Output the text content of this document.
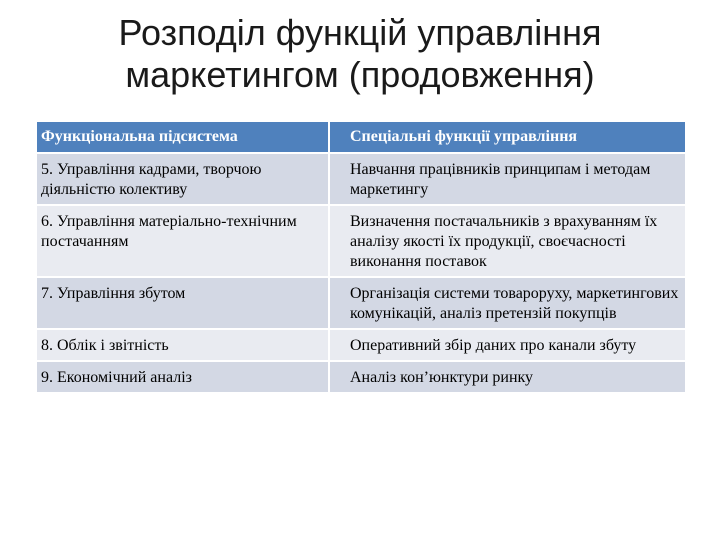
Розподіл функцій управління
маркетингом (продовження)
Функціональна підсистема	Спеціальні функції управління
5. Управління кадрами, творчою діяльністю колективу	Навчання працівників принципам і методам маркетингу
6. Управління матеріально-технічним постачанням	Визначення постачальників з врахуванням їх аналізу якості їх продукції, своєчасності виконання поставок
7. Управління збутом	Організація системи товароруху, маркетингових комунікацій, аналіз претензій покупців
8. Облік і звітність	Оперативний збір даних про канали збуту
9. Економічний аналіз	Аналіз кон’юнктури ринку
